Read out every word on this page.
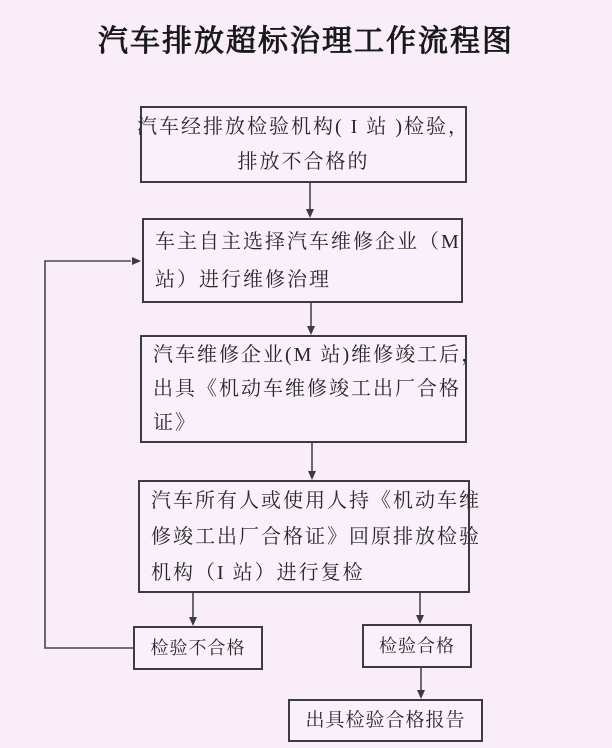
汽车排放超标治理工作流程图
汽车经排放检验机构( I 站 )检验，
排放不合格的
车主自主选择汽车维修企业（M
站）进行维修治理
汽车维修企业(M 站)维修竣工后，
出具《机动车维修竣工出厂合格
证》
汽车所有人或使用人持《机动车维
修竣工出厂合格证》回原排放检验
机构（I 站）进行复检
检验不合格	检验合格
出具检验合格报告
